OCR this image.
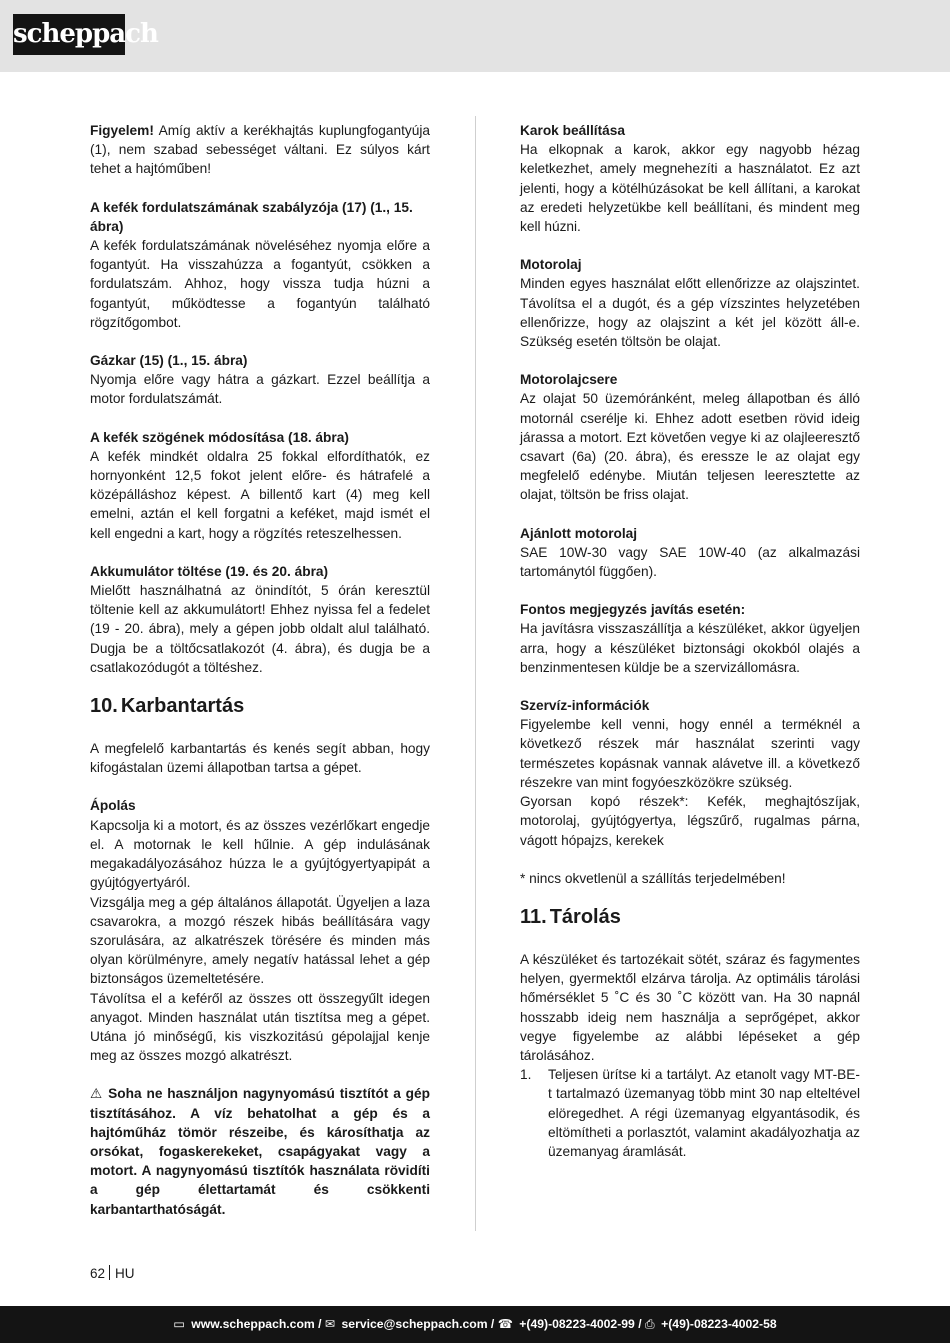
scheppach

Figyelem! Amíg aktív a kerékhajtás kuplungfogantyúja (1), nem szabad sebességet váltani. Ez súlyos kárt tehet a hajtóműben!

A kefék fordulatszámának szabályzója (17) (1., 15. ábra)

A kefék fordulatszámának növeléséhez nyomja előre a fogantyút. Ha visszahúzza a fogantyút, csökken a fordulatszám. Ahhoz, hogy vissza tudja húzni a fogantyút, működtesse a fogantyún található rögzítőgombot.

Gázkar (15) (1., 15. ábra)

Nyomja előre vagy hátra a gázkart. Ezzel beállítja a motor fordulatszámát.

A kefék szögének módosítása (18. ábra)

A kefék mindkét oldalra 25 fokkal elfordíthatók, ez hornyonként 12,5 fokot jelent előre- és hátrafelé a középálláshoz képest. A billentő kart (4) meg kell emelni, aztán el kell forgatni a keféket, majd ismét el kell engedni a kart, hogy a rögzítés reteszelhessen.

Akkumulátor töltése (19. és 20. ábra)

Mielőtt használhatná az önindítót, 5 órán keresztül töltenie kell az akkumulátort! Ehhez nyissa fel a fedelet (19 - 20. ábra), mely a gépen jobb oldalt alul található. Dugja be a töltőcsatlakozót (4. ábra), és dugja be a csatlakozódugót a töltéshez.

10. Karbantartás

A megfelelő karbantartás és kenés segít abban, hogy kifogástalan üzemi állapotban tartsa a gépet.

Ápolás

Kapcsolja ki a motort, és az összes vezérlőkart engedje el. A motornak le kell hűlnie. A gép indulásának megakadályozásához húzza le a gyújtógyertyapipát a gyújtógyertyáról.

Vizsgálja meg a gép általános állapotát. Ügyeljen a laza csavarokra, a mozgó részek hibás beállítására vagy szorulására, az alkatrészek törésére és minden más olyan körülményre, amely negatív hatással lehet a gép biztonságos üzemeltetésére.

Távolítsa el a keféről az összes ott összegyűlt idegen anyagot. Minden használat után tisztítsa meg a gépet. Utána jó minőségű, kis viszkozitású gépolajjal kenje meg az összes mozgó alkatrészt.

⚠ Soha ne használjon nagynyomású tisztítót a gép tisztításához. A víz behatolhat a gép és a hajtóműház tömör részeibe, és károsíthatja az orsókat, fogaskerekeket, csapágyakat vagy a motort. A nagynyomású tisztítók használata rövidíti a gép élettartamát és csökkenti karbantarthatóságát.

Karok beállítása

Ha elkopnak a karok, akkor egy nagyobb hézag keletkezhet, amely megnehezíti a használatot. Ez azt jelenti, hogy a kötélhúzásokat be kell állítani, a karokat az eredeti helyzetükbe kell beállítani, és mindent meg kell húzni.

Motorolaj

Minden egyes használat előtt ellenőrizze az olajszintet. Távolítsa el a dugót, és a gép vízszintes helyzetében ellenőrizze, hogy az olajszint a két jel között áll-e. Szükség esetén töltsön be olajat.

Motorolajcsere

Az olajat 50 üzemóránként, meleg állapotban és álló motornál cserélje ki. Ehhez adott esetben rövid ideig járassa a motort. Ezt követően vegye ki az olajleeresztő csavart (6a) (20. ábra), és eressze le az olajat egy megfelelő edénybe. Miután teljesen leeresztette az olajat, töltsön be friss olajat.

Ajánlott motorolaj

SAE 10W-30 vagy SAE 10W-40 (az alkalmazási tartománytól függően).

Fontos megjegyzés javítás esetén:

Ha javításra visszaszállítja a készüléket, akkor ügyeljen arra, hogy a készüléket biztonsági okokból olajés a benzinmentesen küldje be a szervizállomásra.

Szervíz-információk

Figyelembe kell venni, hogy ennél a terméknél a következő részek már használat szerinti vagy természetes kopásnak vannak alávetve ill. a következő részekre van mint fogyóeszközökre szükség.

Gyorsan kopó részek*: Kefék, meghajtószíjak, motorolaj, gyújtógyertya, légszűrő, rugalmas párna, vágott hópajzs, kerekek

* nincs okvetlenül a szállítás terjedelmében!

11. Tárolás

A készüléket és tartozékait sötét, száraz és fagymentes helyen, gyermektől elzárva tárolja. Az optimális tárolási hőmérséklet 5 ˚C és 30 ˚C között van. Ha 30 napnál hosszabb ideig nem használja a seprőgépet, akkor vegye figyelembe az alábbi lépéseket a gép tárolásához.

1. Teljesen ürítse ki a tartályt. Az etanolt vagy MT-BE- t tartalmazó üzemanyag több mint 30 nap elteltével elöregedhet. A régi üzemanyag elgyantásodik, és eltömítheti a porlasztót, valamint akadályozhatja az üzemanyag áramlását.
62 HU
▭ www.scheppach.com / ✉ service@scheppach.com / ☎ +(49)-08223-4002-99 / ⎙ +(49)-08223-4002-58
